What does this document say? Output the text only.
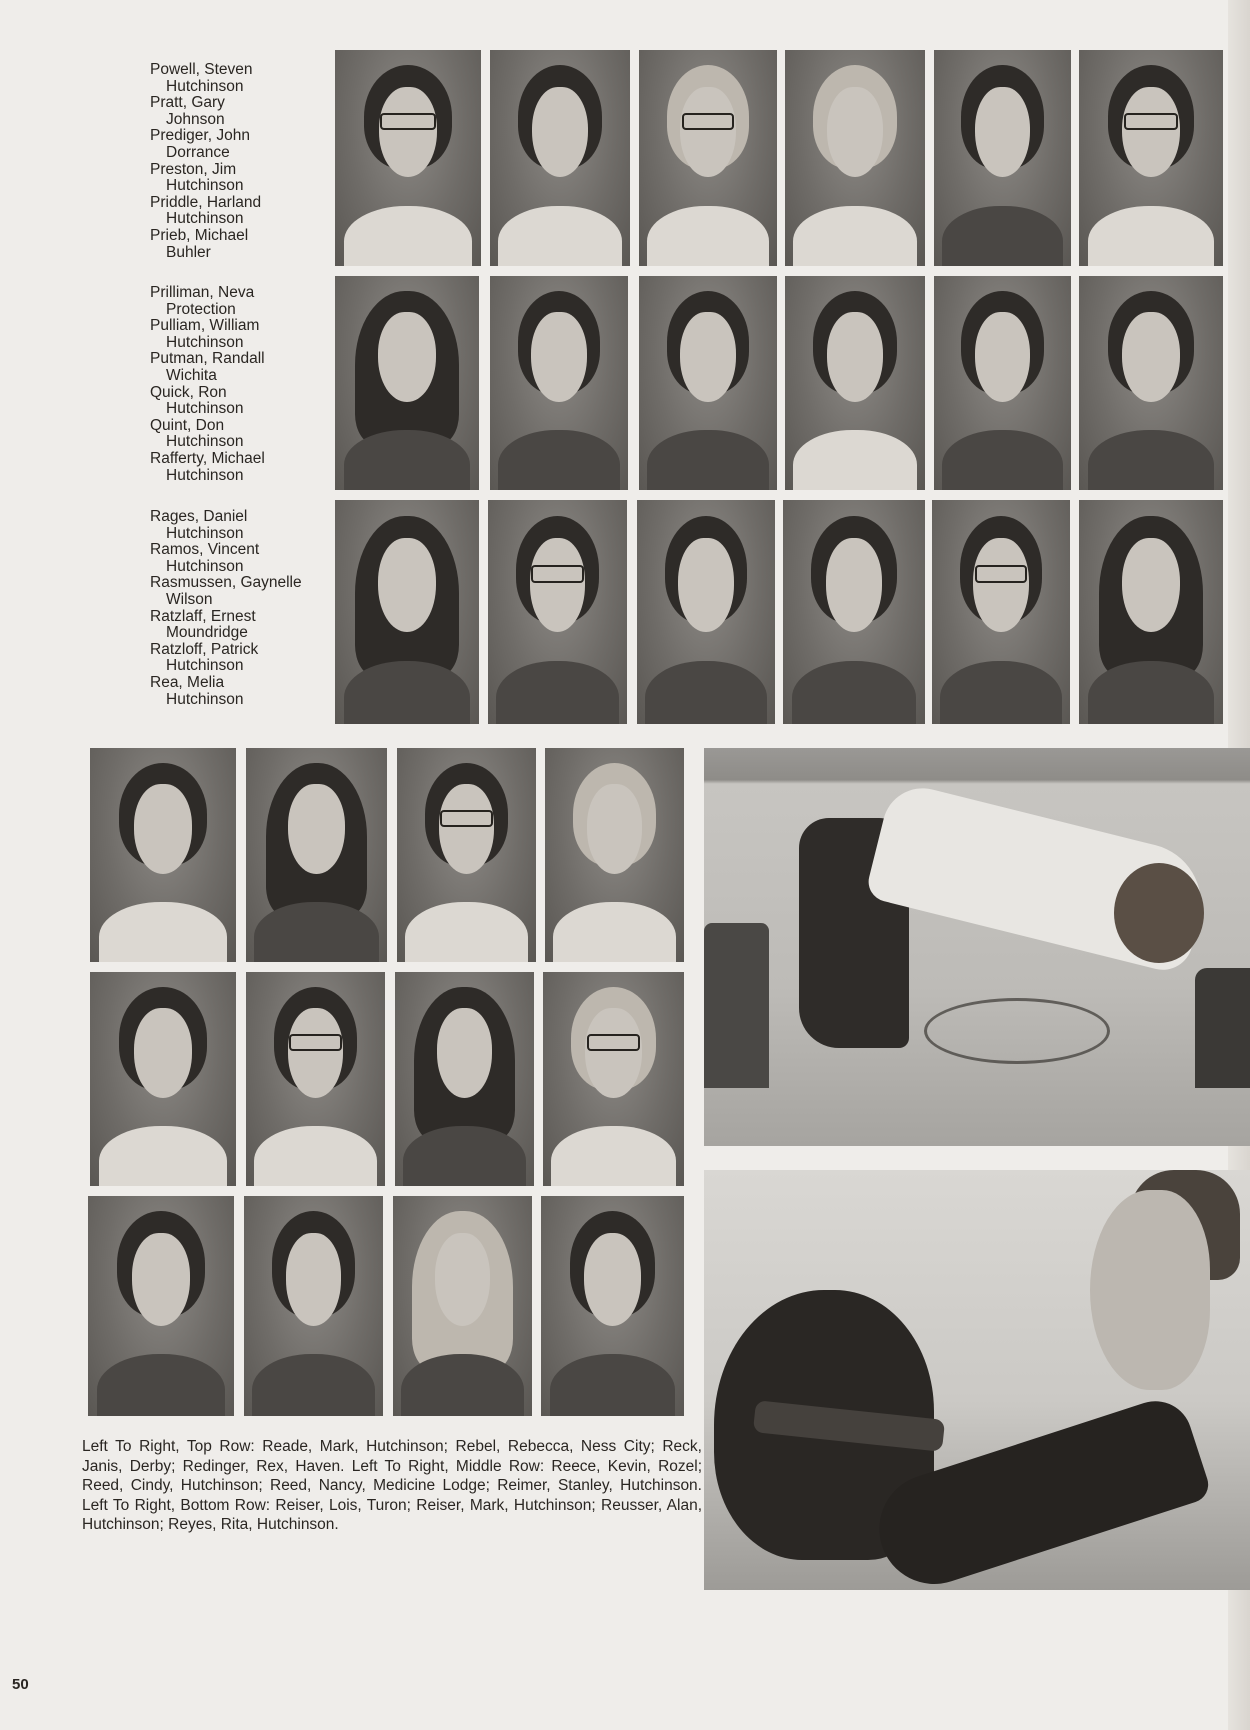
Powell, Steven
Hutchinson
Pratt, Gary
Johnson
Prediger, John
Dorrance
Preston, Jim
Hutchinson
Priddle, Harland
Hutchinson
Prieb, Michael
Buhler
Prilliman, Neva
Protection
Pulliam, William
Hutchinson
Putman, Randall
Wichita
Quick, Ron
Hutchinson
Quint, Don
Hutchinson
Rafferty, Michael
Hutchinson
Rages, Daniel
Hutchinson
Ramos, Vincent
Hutchinson
Rasmussen, Gaynelle
Wilson
Ratzlaff, Ernest
Moundridge
Ratzloff, Patrick
Hutchinson
Rea, Melia
Hutchinson
Left To Right, Top Row: Reade, Mark, Hutchinson; Rebel, Rebecca, Ness City; Reck, Janis, Derby; Redinger, Rex, Haven. Left To Right, Middle Row: Reece, Kevin, Rozel; Reed, Cindy, Hutchinson; Reed, Nancy, Medicine Lodge; Reimer, Stanley, Hutchinson. Left To Right, Bottom Row: Reiser, Lois, Turon; Reiser, Mark, Hutchinson; Reusser, Alan, Hutchinson; Reyes, Rita, Hutchinson.
50
